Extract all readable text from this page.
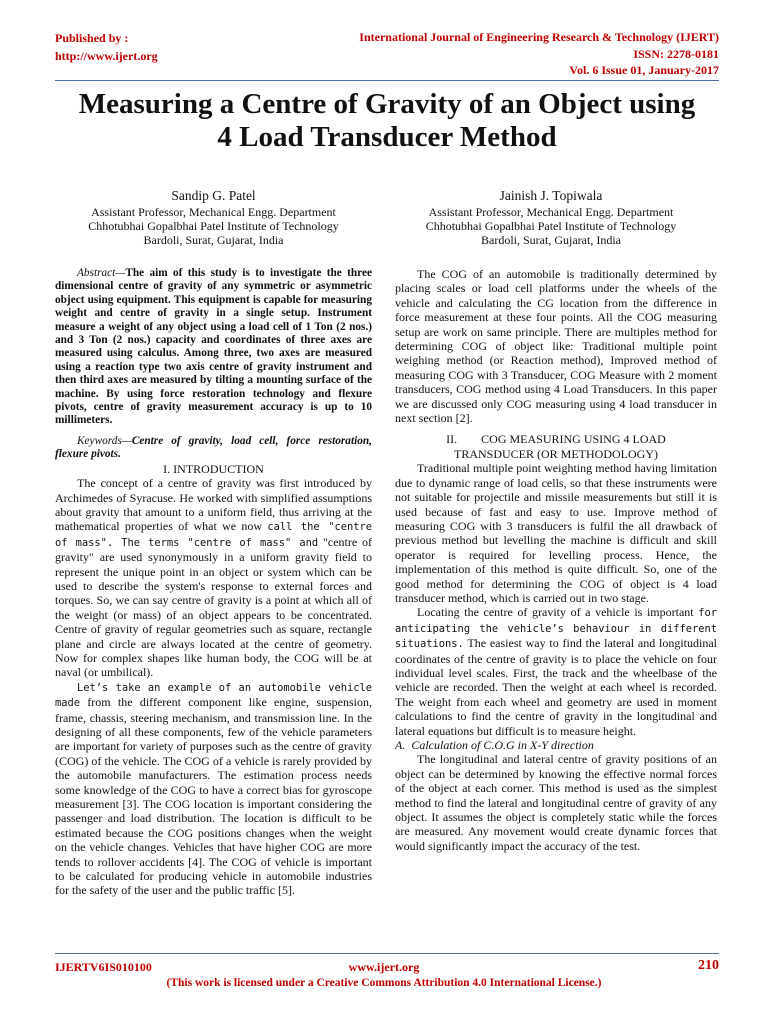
Published by :
http://www.ijert.org
International Journal of Engineering Research & Technology (IJERT)
ISSN: 2278-0181
Vol. 6 Issue 01, January-2017
Measuring a Centre of Gravity of an Object using
4 Load Transducer Method
Sandip G. Patel
Assistant Professor, Mechanical Engg. Department
Chhotubhai Gopalbhai Patel Institute of Technology
Bardoli, Surat, Gujarat, India
Jainish J. Topiwala
Assistant Professor, Mechanical Engg. Department
Chhotubhai Gopalbhai Patel Institute of Technology
Bardoli, Surat, Gujarat, India

Abstract—The aim of this study is to investigate the three dimensional centre of gravity of any symmetric or asymmetric object using equipment. This equipment is capable for measuring weight and centre of gravity in a single setup. Instrument measure a weight of any object using a load cell of 1 Ton (2 nos.) and 3 Ton (2 nos.) capacity and coordinates of three axes are measured using calculus. Among three, two axes are measured using a reaction type two axis centre of gravity instrument and then third axes are measured by tilting a mounting surface of the machine. By using force restoration technology and flexure pivots, centre of gravity measurement accuracy is up to 10 millimeters.

Keywords—Centre of gravity, load cell, force restoration, flexure pivots.

I. INTRODUCTION

The concept of a centre of gravity was first introduced by Archimedes of Syracuse. He worked with simplified assumptions about gravity that amount to a uniform field, thus arriving at the mathematical properties of what we now call the "centre of mass". The terms "centre of mass" and "centre of gravity" are used synonymously in a uniform gravity field to represent the unique point in an object or system which can be used to describe the system's response to external forces and torques. So, we can say centre of gravity is a point at which all of the weight (or mass) of an object appears to be concentrated. Centre of gravity of regular geometries such as square, rectangle plane and circle are always located at the centre of geometry. Now for complex shapes like human body, the COG will be at naval (or umbilical).

Let’s take an example of an automobile vehicle made from the different component like engine, suspension, frame, chassis, steering mechanism, and transmission line. In the designing of all these components, few of the vehicle parameters are important for variety of purposes such as the centre of gravity (COG) of the vehicle. The COG of a vehicle is rarely provided by the automobile manufacturers. The estimation process needs some knowledge of the COG to have a correct bias for gyroscope measurement [3]. The COG location is important considering the passenger and load distribution. The location is difficult to be estimated because the COG positions changes when the weight on the vehicle changes. Vehicles that have higher COG are more tends to rollover accidents [4]. The COG of vehicle is important to be calculated for producing vehicle in automobile industries for the safety of the user and the public traffic [5].

The COG of an automobile is traditionally determined by placing scales or load cell platforms under the wheels of the vehicle and calculating the CG location from the difference in force measurement at these four points. All the COG measuring setup are work on same principle. There are multiples method for determining COG of object like: Traditional multiple point weighing method (or Reaction method), Improved method of measuring COG with 3 Transducer, COG Measure with 2 moment transducers, COG method using 4 Load Transducers. In this paper we are discussed only COG measuring using 4 load transducer in next section [2].

II.        COG MEASURING USING 4 LOAD
TRANSDUCER (OR METHODOLOGY)

Traditional multiple point weighting method having limitation due to dynamic range of load cells, so that these instruments were not suitable for projectile and missile measurements but still it is used because of fast and easy to use. Improve method of measuring COG with 3 transducers is fulfil the all drawback of previous method but levelling the machine is difficult and skill operator is required for levelling process. Hence, the implementation of this method is quite difficult. So, one of the good method for determining the COG of object is 4 load transducer method, which is carried out in two stage.

Locating the centre of gravity of a vehicle is important for anticipating the vehicle’s behaviour in different situations. The easiest way to find the lateral and longitudinal coordinates of the centre of gravity is to place the vehicle on four individual level scales. First, the track and the wheelbase of the vehicle are recorded. Then the weight at each wheel is recorded. The weight from each wheel and geometry are used in moment calculations to find the centre of gravity in the longitudinal and lateral equations but difficult is to measure height.

A.  Calculation of C.O.G in X-Y direction

The longitudinal and lateral centre of gravity positions of an object can be determined by knowing the effective normal forces of the object at each corner. This method is used as the simplest method to find the lateral and longitudinal centre of gravity of any object. It assumes the object is completely static while the forces are measured. Any movement would create dynamic forces that would significantly impact the accuracy of the test.

IJERTV6IS010100	www.ijert.org	210
(This work is licensed under a Creative Commons Attribution 4.0 International License.)
